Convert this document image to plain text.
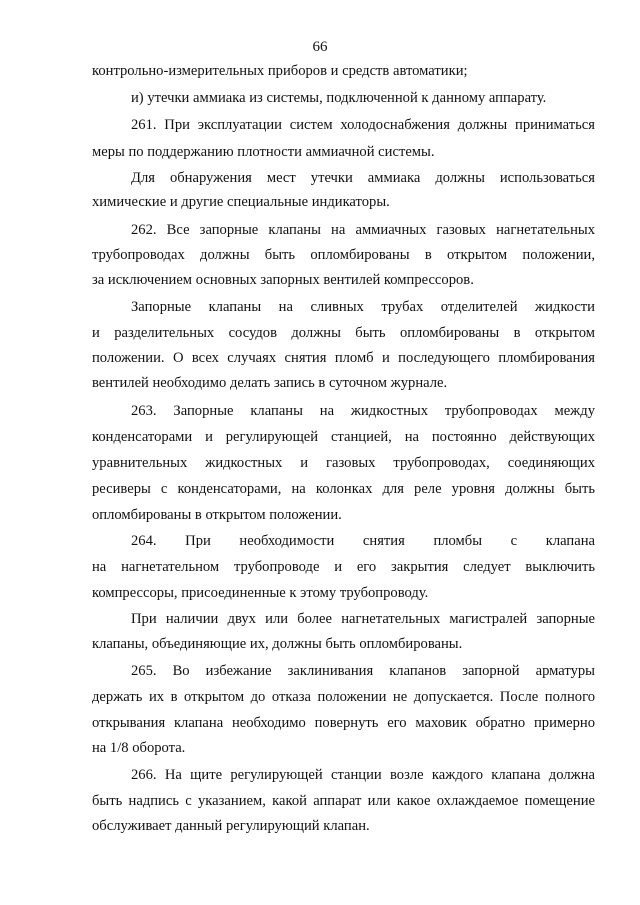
66
контрольно-измерительных приборов и средств автоматики;
и) утечки аммиака из системы, подключенной к данному аппарату.
261. При эксплуатации систем холодоснабжения должны приниматься
меры по поддержанию плотности аммиачной системы.
Для обнаружения мест утечки аммиака должны использоваться
химические и другие специальные индикаторы.
262. Все запорные клапаны на аммиачных газовых нагнетательных
трубопроводах должны быть опломбированы в открытом положении,
за исключением основных запорных вентилей компрессоров.
Запорные клапаны на сливных трубах отделителей жидкости
и разделительных сосудов должны быть опломбированы в открытом
положении. О всех случаях снятия пломб и последующего пломбирования
вентилей необходимо делать запись в суточном журнале.
263. Запорные клапаны на жидкостных трубопроводах между
конденсаторами и регулирующей станцией, на постоянно действующих
уравнительных жидкостных и газовых трубопроводах, соединяющих
ресиверы с конденсаторами, на колонках для реле уровня должны быть
опломбированы в открытом положении.
264. При необходимости снятия пломбы с клапана
на нагнетательном трубопроводе и его закрытия следует выключить
компрессоры, присоединенные к этому трубопроводу.
При наличии двух или более нагнетательных магистралей запорные
клапаны, объединяющие их, должны быть опломбированы.
265. Во избежание заклинивания клапанов запорной арматуры
держать их в открытом до отказа положении не допускается. После полного
открывания клапана необходимо повернуть его маховик обратно примерно
на 1/8 оборота.
266. На щите регулирующей станции возле каждого клапана должна
быть надпись с указанием, какой аппарат или какое охлаждаемое помещение
обслуживает данный регулирующий клапан.
